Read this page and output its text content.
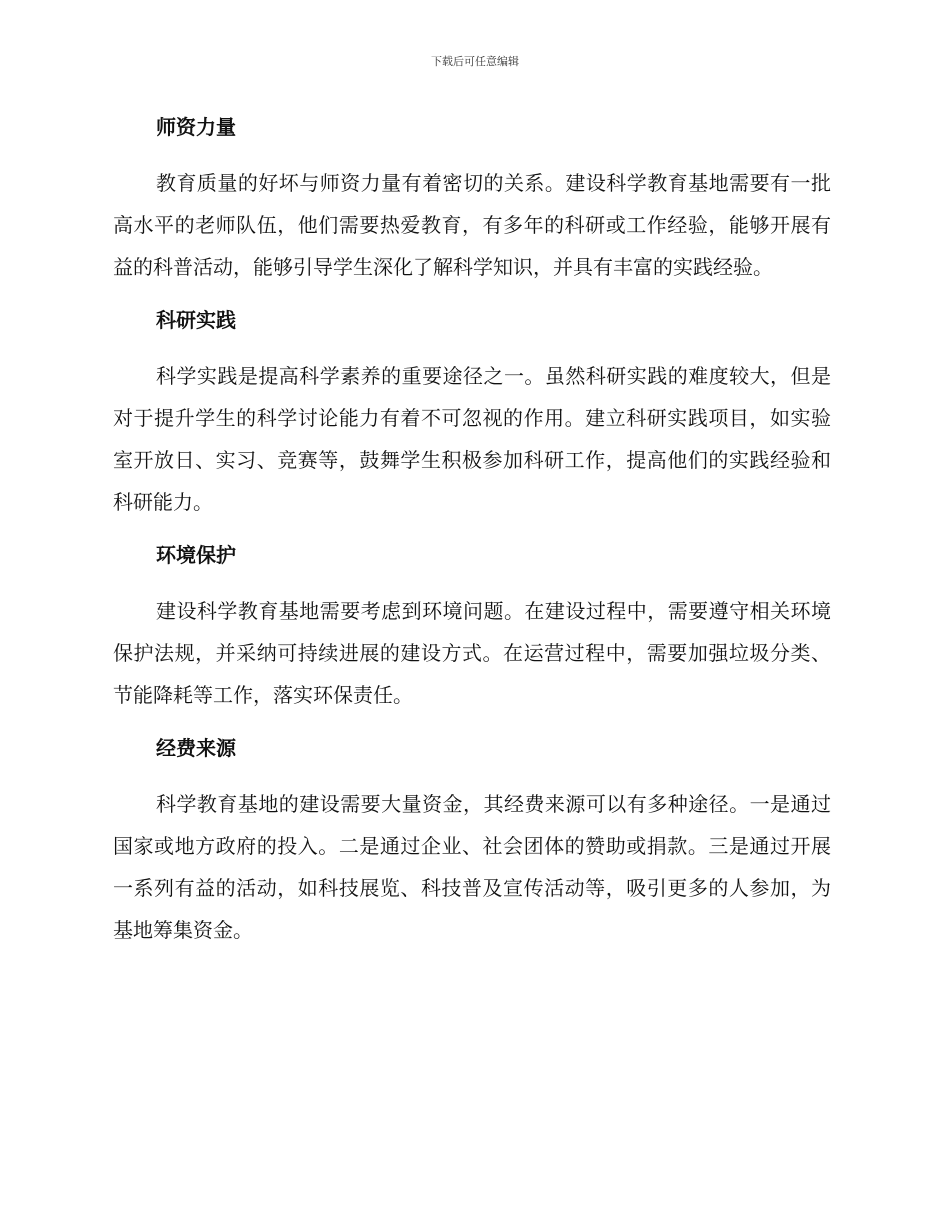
下载后可任意编辑
师资力量

教育质量的好坏与师资力量有着密切的关系。建设科学教育基地需要有一批高水平的老师队伍，他们需要热爱教育，有多年的科研或工作经验，能够开展有益的科普活动，能够引导学生深化了解科学知识，并具有丰富的实践经验。

科研实践

科学实践是提高科学素养的重要途径之一。虽然科研实践的难度较大，但是对于提升学生的科学讨论能力有着不可忽视的作用。建立科研实践项目，如实验室开放日、实习、竞赛等，鼓舞学生积极参加科研工作，提高他们的实践经验和科研能力。

环境保护

建设科学教育基地需要考虑到环境问题。在建设过程中，需要遵守相关环境保护法规，并采纳可持续进展的建设方式。在运营过程中，需要加强垃圾分类、节能降耗等工作，落实环保责任。

经费来源

科学教育基地的建设需要大量资金，其经费来源可以有多种途径。一是通过国家或地方政府的投入。二是通过企业、社会团体的赞助或捐款。三是通过开展一系列有益的活动，如科技展览、科技普及宣传活动等，吸引更多的人参加，为基地筹集资金。
